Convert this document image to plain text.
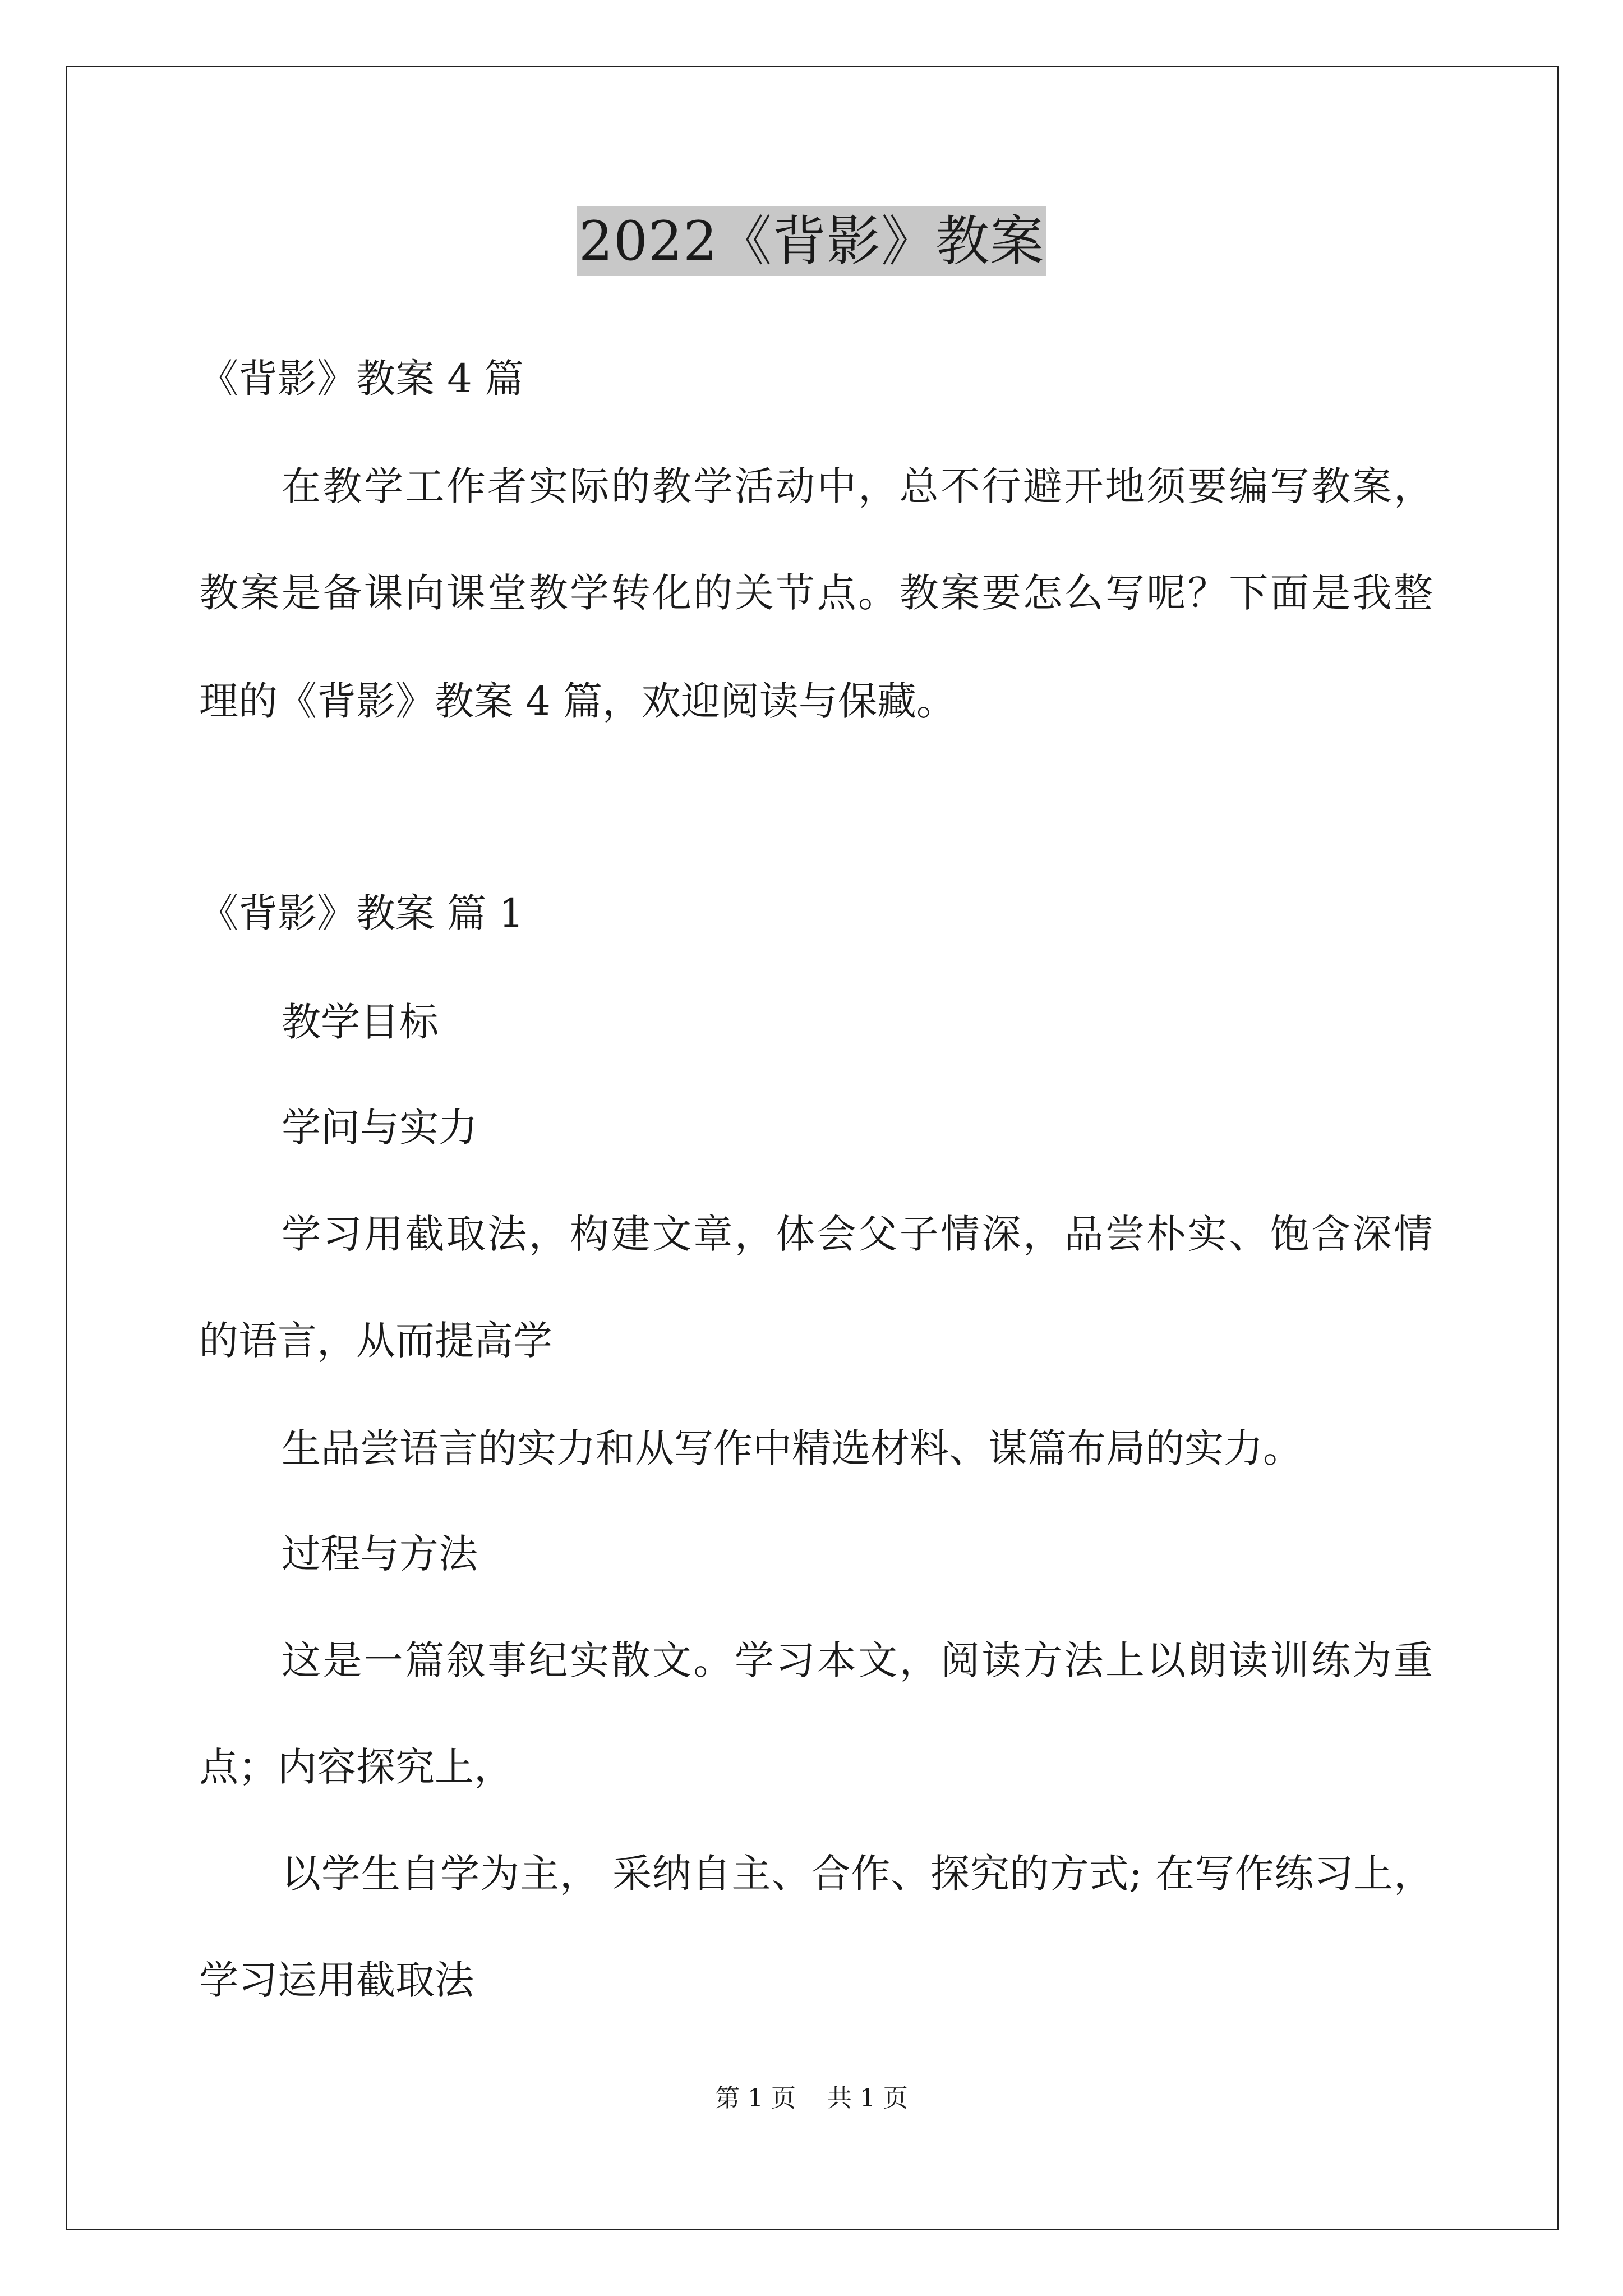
2022《背影》教案
《背影》教案 4 篇
在教学工作者实际的教学活动中，总不行避开地须要编写教案，
教案是备课向课堂教学转化的关节点。教案要怎么写呢？下面是我整
理的《背影》教案 4 篇，欢迎阅读与保藏。
《背影》教案 篇 1
教学目标
学问与实力
学习用截取法，构建文章，体会父子情深，品尝朴实、饱含深情
的语言，从而提高学
生品尝语言的实力和从写作中精选材料、谋篇布局的实力。
过程与方法
这是一篇叙事纪实散文。学习本文，阅读方法上以朗读训练为重
点；内容探究上，
以学生自学为主， 采纳自主、合作、探究的方式; 在写作练习上，
学习运用截取法
第 1 页    共 1 页
